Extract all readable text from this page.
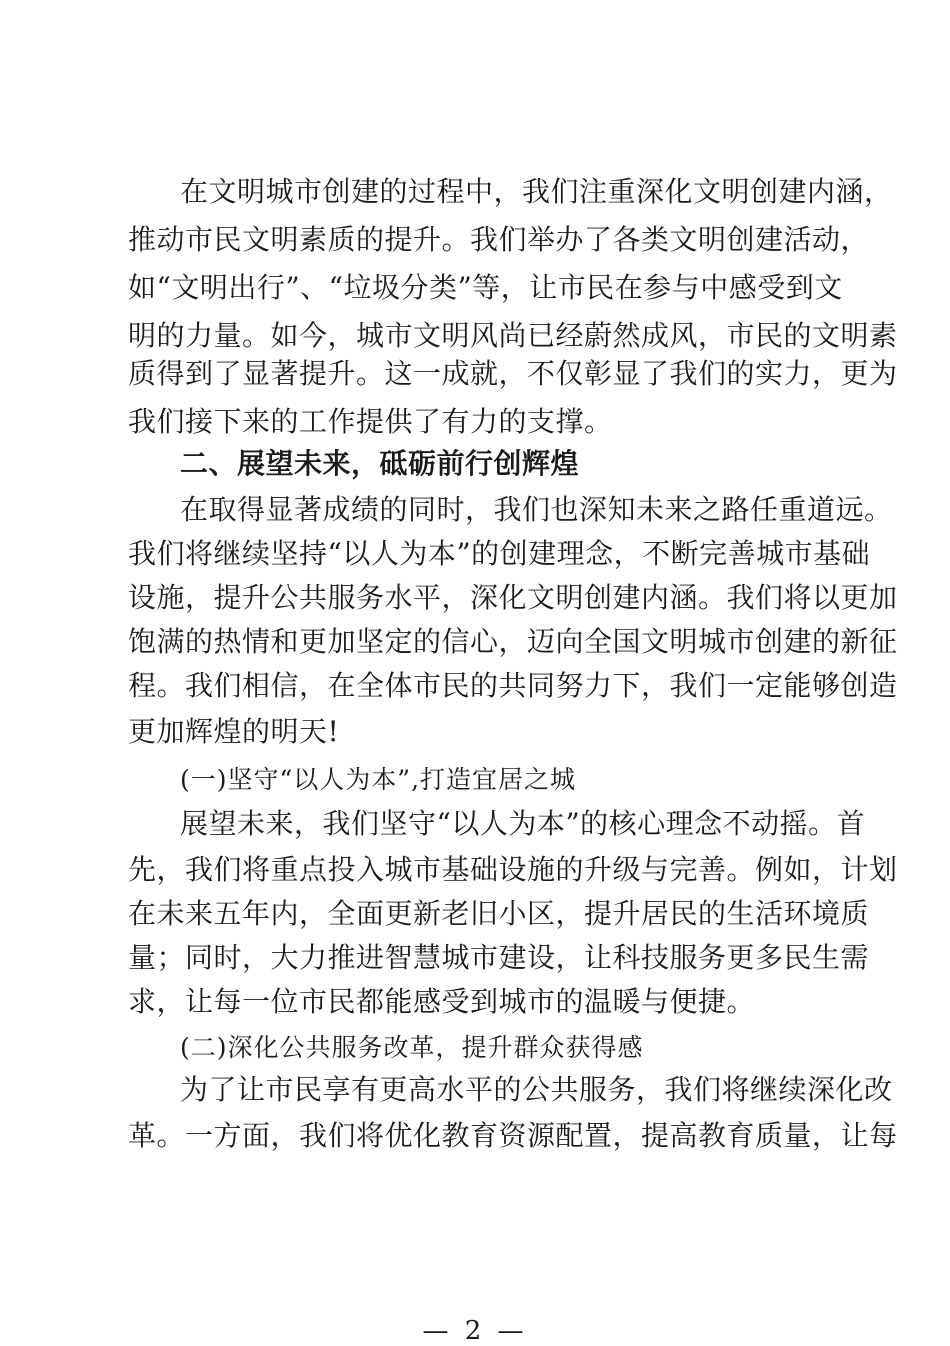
在文明城市创建的过程中，我们注重深化文明创建内涵，
推动市民文明素质的提升。我们举办了各类文明创建活动，
如“文明出行”、“垃圾分类”等，让市民在参与中感受到文
明的力量。如今，城市文明风尚已经蔚然成风，市民的文明素
质得到了显著提升。这一成就，不仅彰显了我们的实力，更为
我们接下来的工作提供了有力的支撑。
二、展望未来，砥砺前行创辉煌
在取得显著成绩的同时，我们也深知未来之路任重道远。
我们将继续坚持“以人为本”的创建理念，不断完善城市基础
设施，提升公共服务水平，深化文明创建内涵。我们将以更加
饱满的热情和更加坚定的信心，迈向全国文明城市创建的新征
程。我们相信，在全体市民的共同努力下，我们一定能够创造
更加辉煌的明天!
(一)坚守“以人为本”,打造宜居之城
展望未来，我们坚守“以人为本”的核心理念不动摇。首
先，我们将重点投入城市基础设施的升级与完善。例如，计划
在未来五年内，全面更新老旧小区，提升居民的生活环境质
量；同时，大力推进智慧城市建设，让科技服务更多民生需
求，让每一位市民都能感受到城市的温暖与便捷。
(二)深化公共服务改革，提升群众获得感
为了让市民享有更高水平的公共服务，我们将继续深化改
革。一方面，我们将优化教育资源配置，提高教育质量，让每
— 2 —
